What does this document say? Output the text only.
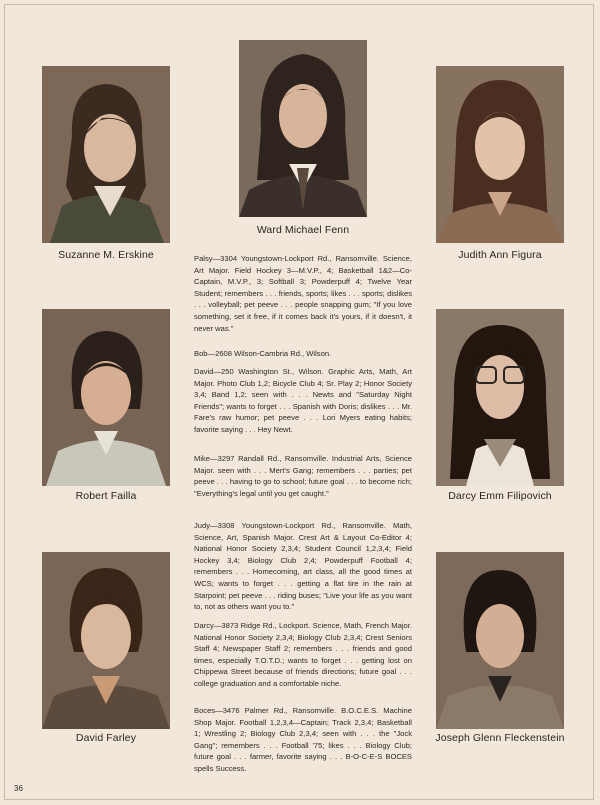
Suzanne M. Erskine
Ward Michael Fenn
Judith Ann Figura
Robert Failla	Darcy Emm Filipovich
David Farley	Joseph Glenn Fleckenstein

Palsy—3304 Youngstown-Lockport Rd., Ransomville. Science, Art Major. Field Hockey 3—M.V.P., 4; Basketball 1&2—Co-Captain, M.V.P., 3; Softball 3; Powderpuff 4; Twelve Year Student; remembers . . . friends, sports; likes . . . sports; dislikes . . . volleyball; pet peeve . . . people snapping gum; "If you love something, set it free, if it comes back it's yours, if it doesn't, it never was."

Bob—2608 Wilson-Cambria Rd., Wilson.

David—250 Washington St., Wilson. Graphic Arts, Math, Art Major. Photo Club 1,2; Bicycle Club 4; Sr. Play 2; Honor Society 3,4; Band 1,2; seen with . . . Newts and "Saturday Night Friends"; wants to forget . . . Spanish with Doris; dislikes . . . Mr. Fare's raw humor; pet peeve . . . Lori Myers eating habits; favorite saying . . . Hey Newt.

Mike—3297 Randall Rd., Ransomville. Industrial Arts, Science Major. seen with . . . Mert's Gang; remembers . . . parties; pet peeve . . . having to go to school; future goal . . . to become rich; "Everything's legal until you get caught."

Judy—3308 Youngstown-Lockport Rd., Ransomville. Math, Science, Art, Spanish Major. Crest Art & Layout Co-Editor 4; National Honor Society 2,3,4; Student Council 1,2,3,4; Field Hockey 3,4; Biology Club 2,4; Powderpuff Football 4; remembers . . . Homecoming, art class, all the good times at WCS; wants to forget . . . getting a flat tire in the rain at Starpoint; pet peeve . . . riding buses; "Live your life as you want to, not as others want you to."

Darcy—3873 Ridge Rd., Lockport. Science, Math, French Major. National Honor Society 2,3,4; Biology Club 2,3,4; Crest Seniors Staff 4; Newspaper Staff 2; remembers . . . friends and good times, especially T.O.T.D.; wants to forget . . . getting lost on Chippewa Street because of friends directions; future goal . . . college graduation and a comfortable niche.

Boces—3476 Palmer Rd., Ransomville. B.O.C.E.S. Machine Shop Major. Football 1,2,3,4—Captain; Track 2,3,4; Basketball 1; Wrestling 2; Biology Club 2,3,4; seen with . . . the "Jock Gang"; remembers . . . Football '75; likes . . . Biology Club; future goal . . . farmer, favorite saying . . . B-O-C-E-S BOCES spells Success.

36
